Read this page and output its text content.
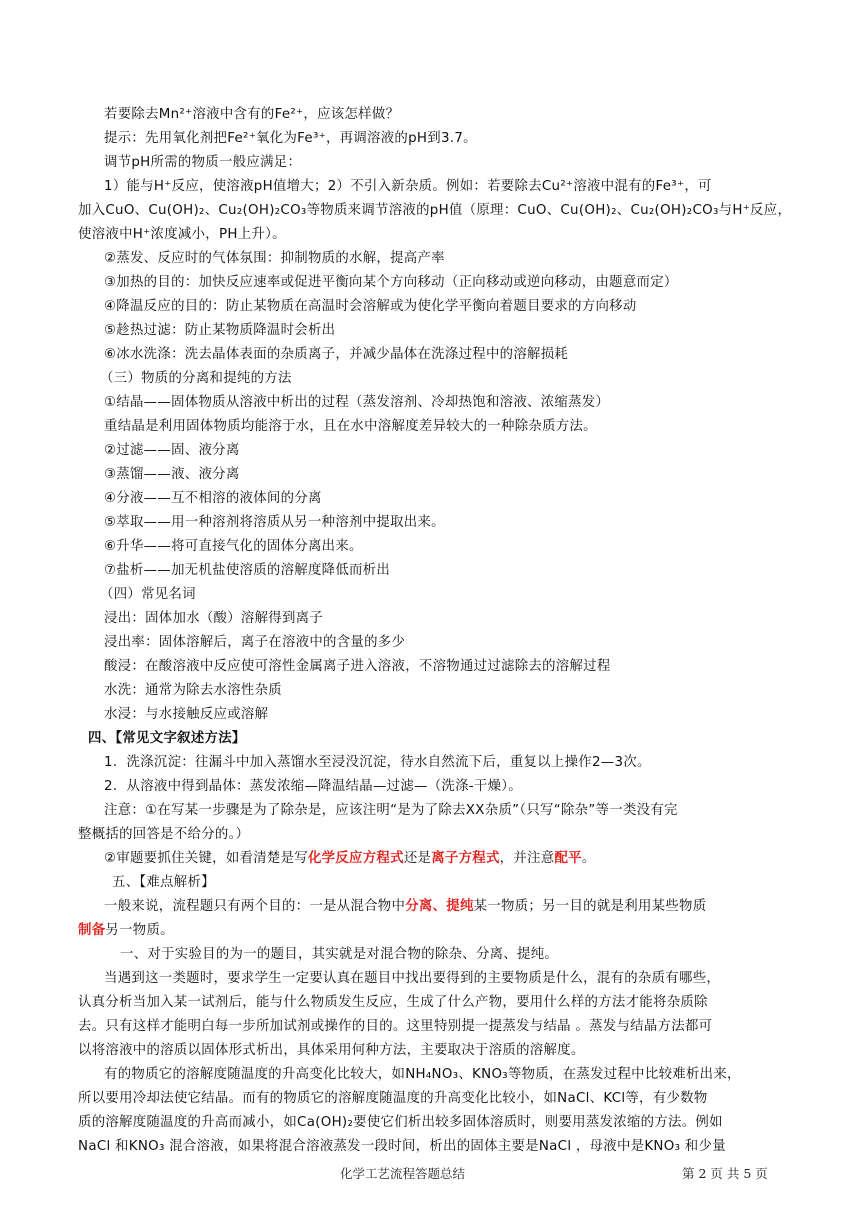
若要除去Mn²⁺溶液中含有的Fe²⁺，应该怎样做？
提示：先用氧化剂把Fe²⁺氧化为Fe³⁺，再调溶液的pH到3.7。
调节pH所需的物质一般应满足：
1）能与H⁺反应，使溶液pH值增大；2）不引入新杂质。例如：若要除去Cu²⁺溶液中混有的Fe³⁺，可
加入CuO、Cu(OH)₂、Cu₂(OH)₂CO₃等物质来调节溶液的pH值（原理：CuO、Cu(OH)₂、Cu₂(OH)₂CO₃与H⁺反应，
使溶液中H⁺浓度减小，PH上升）。
②蒸发、反应时的气体氛围：抑制物质的水解，提高产率
③加热的目的：加快反应速率或促进平衡向某个方向移动（正向移动或逆向移动，由题意而定）
④降温反应的目的：防止某物质在高温时会溶解或为使化学平衡向着题目要求的方向移动
⑤趁热过滤：防止某物质降温时会析出
⑥冰水洗涤：洗去晶体表面的杂质离子，并减少晶体在洗涤过程中的溶解损耗
（三）物质的分离和提纯的方法
①结晶——固体物质从溶液中析出的过程（蒸发溶剂、冷却热饱和溶液、浓缩蒸发）
重结晶是利用固体物质均能溶于水，且在水中溶解度差异较大的一种除杂质方法。
②过滤——固、液分离
③蒸馏——液、液分离
④分液——互不相溶的液体间的分离
⑤萃取——用一种溶剂将溶质从另一种溶剂中提取出来。
⑥升华——将可直接气化的固体分离出来。
⑦盐析——加无机盐使溶质的溶解度降低而析出
（四）常见名词
浸出：固体加水（酸）溶解得到离子
浸出率：固体溶解后，离子在溶液中的含量的多少
酸浸：在酸溶液中反应使可溶性金属离子进入溶液，不溶物通过过滤除去的溶解过程
水洗：通常为除去水溶性杂质
水浸：与水接触反应或溶解
四、【常见文字叙述方法】
1．洗涤沉淀：往漏斗中加入蒸馏水至浸没沉淀，待水自然流下后，重复以上操作2—3次。
2．从溶液中得到晶体：蒸发浓缩—降温结晶—过滤—（洗涤-干燥）。
注意：①在写某一步骤是为了除杂是，应该注明“是为了除去XX杂质”（只写“除杂”等一类没有完
整概括的回答是不给分的。）
②审题要抓住关键，如看清楚是写化学反应方程式还是离子方程式，并注意配平。
五、【难点解析】
一般来说，流程题只有两个目的：一是从混合物中分离、提纯某一物质；另一目的就是利用某些物质
制备另一物质。
一、对于实验目的为一的题目，其实就是对混合物的除杂、分离、提纯。
当遇到这一类题时，要求学生一定要认真在题目中找出要得到的主要物质是什么，混有的杂质有哪些，
认真分析当加入某一试剂后，能与什么物质发生反应，生成了什么产物，要用什么样的方法才能将杂质除
去。只有这样才能明白每一步所加试剂或操作的目的。这里特别提一提蒸发与结晶 。蒸发与结晶方法都可
以将溶液中的溶质以固体形式析出，具体采用何种方法，主要取决于溶质的溶解度。
有的物质它的溶解度随温度的升高变化比较大，如NH₄NO₃、KNO₃等物质，在蒸发过程中比较难析出来，
所以要用冷却法使它结晶。而有的物质它的溶解度随温度的升高变化比较小，如NaCl、KCl等，有少数物
质的溶解度随温度的升高而减小，如Ca(OH)₂要使它们析出较多固体溶质时，则要用蒸发浓缩的方法。例如
NaCl 和KNO₃ 混合溶液，如果将混合溶液蒸发一段时间，析出的固体主要是NaCl ，母液中是KNO₃ 和少量
化学工艺流程答题总结	第 2 页 共 5 页
